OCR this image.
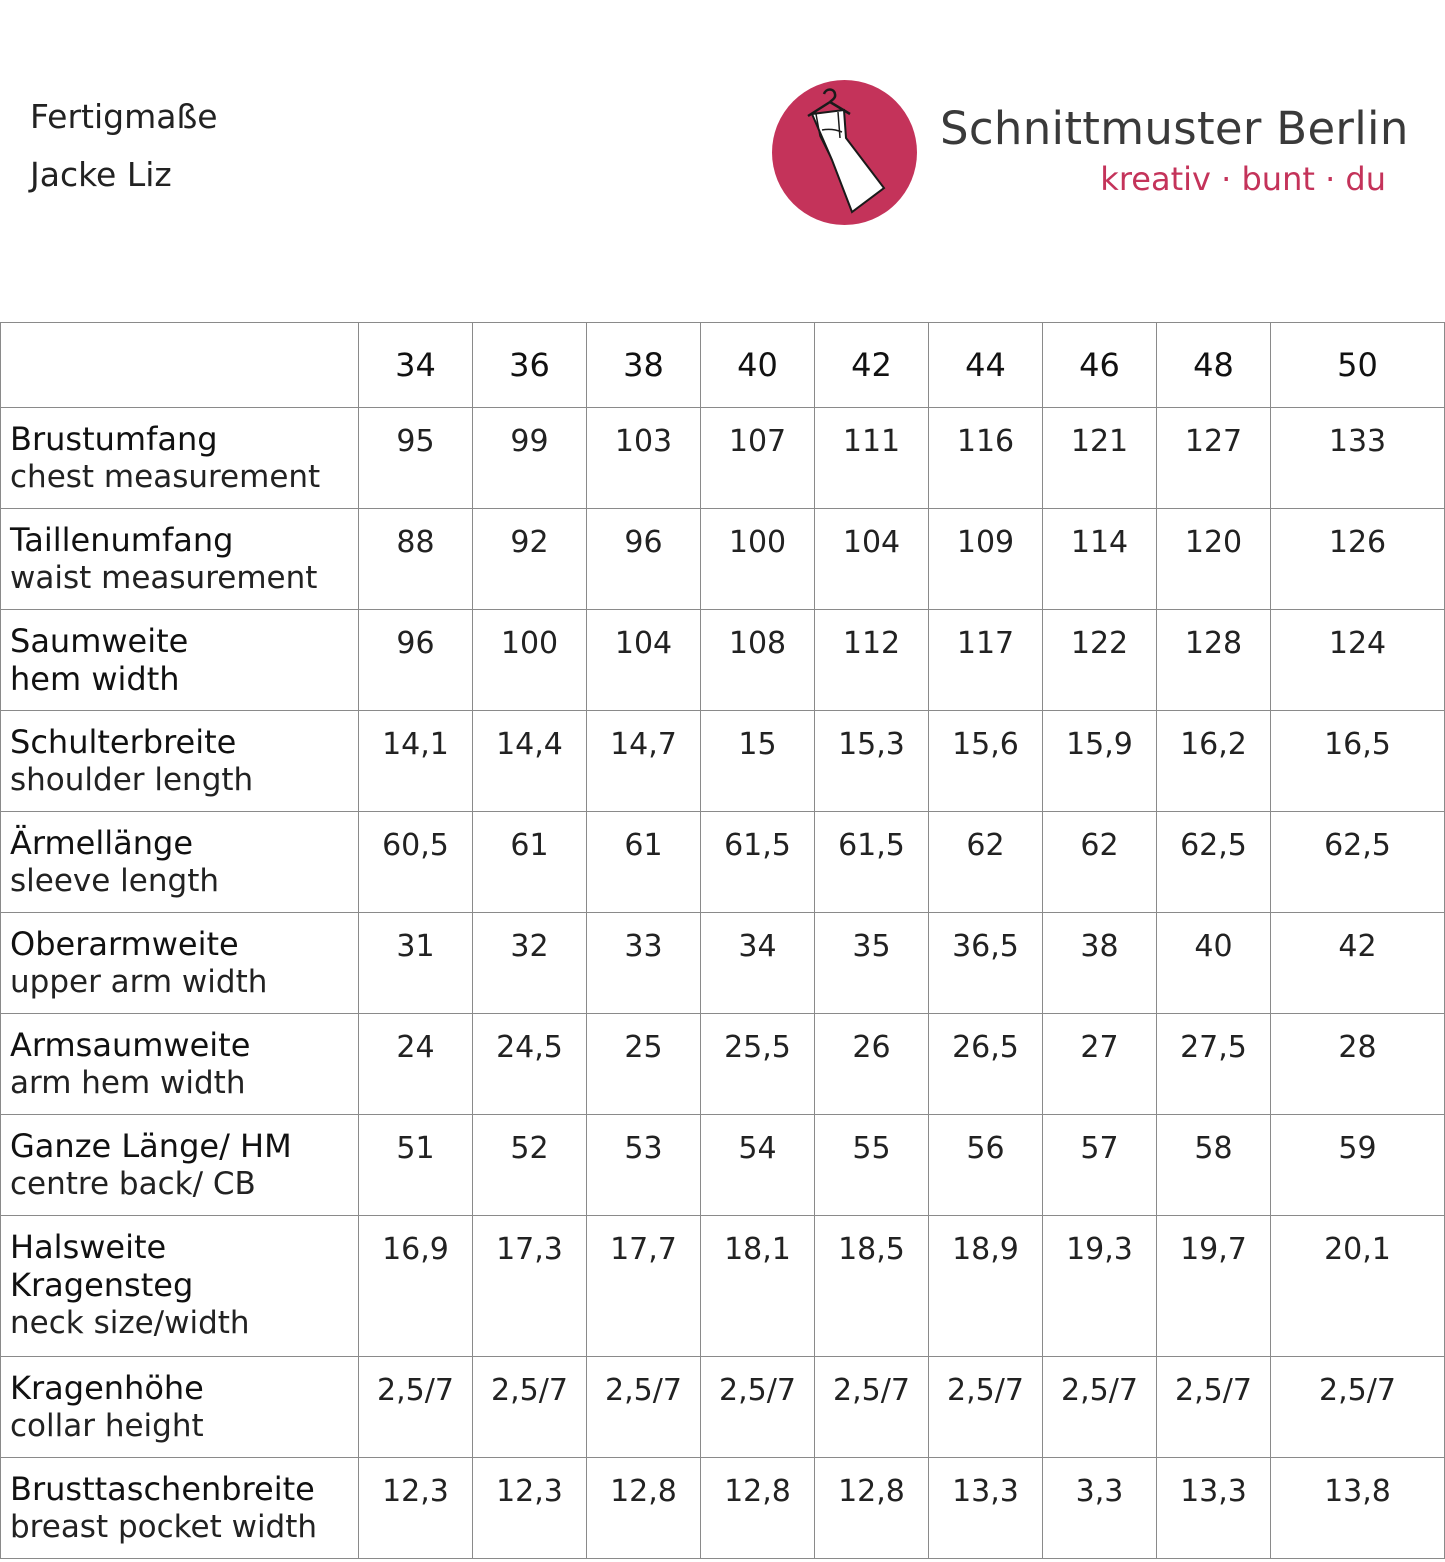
Fertigmaße
Jacke Liz
Schnittmuster Berlin
kreativ · bunt · du
	34	36	38	40	42	44	46	48	50

Brustumfang
chest measurement	95	99	103	107	111	116	121	127	133

Taillenumfang
waist measurement	88	92	96	100	104	109	114	120	126

Saumweite
hem width	96	100	104	108	112	117	122	128	124

Schulterbreite
shoulder length	14,1	14,4	14,7	15	15,3	15,6	15,9	16,2	16,5

Ärmellänge
sleeve length	60,5	61	61	61,5	61,5	62	62	62,5	62,5

Oberarmweite
upper arm width	31	32	33	34	35	36,5	38	40	42

Armsaumweite
arm hem width	24	24,5	25	25,5	26	26,5	27	27,5	28

Ganze Länge/ HM
centre back/ CB	51	52	53	54	55	56	57	58	59

Halsweite
Kragensteg
neck size/width	16,9	17,3	17,7	18,1	18,5	18,9	19,3	19,7	20,1

Kragenhöhe
collar height	2,5/7	2,5/7	2,5/7	2,5/7	2,5/7	2,5/7	2,5/7	2,5/7	2,5/7

Brusttaschenbreite
breast pocket width	12,3	12,3	12,8	12,8	12,8	13,3	3,3	13,3	13,8
